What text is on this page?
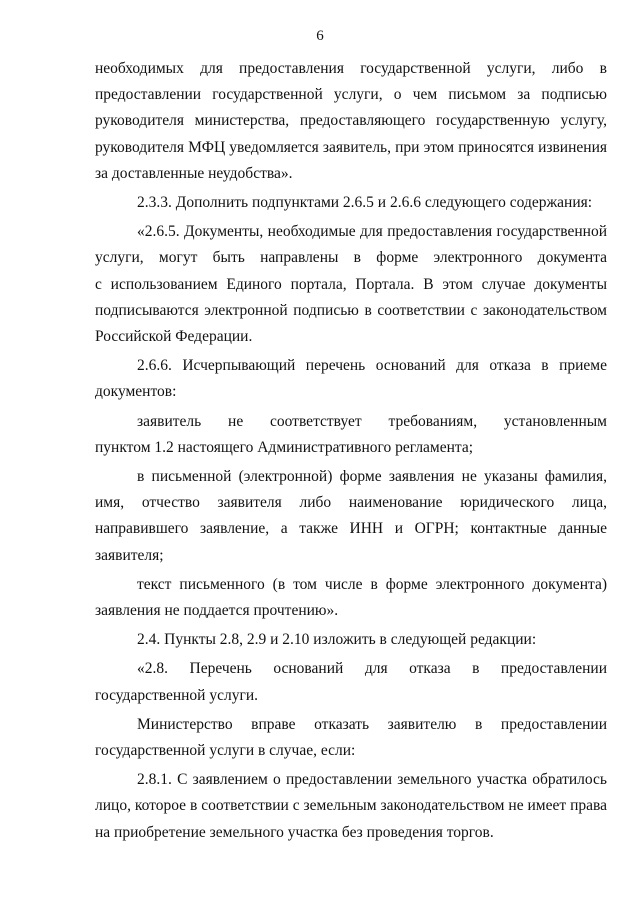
6

необходимых для предоставления государственной услуги, либо в

предоставлении государственной услуги, о чем письмом за подписью

руководителя министерства, предоставляющего государственную услугу,

руководителя МФЦ уведомляется заявитель, при этом приносятся извинения

за доставленные неудобства».

2.3.3. Дополнить подпунктами 2.6.5 и 2.6.6 следующего содержания:

«2.6.5. Документы, необходимые для предоставления государственной

услуги, могут быть направлены в форме электронного документа

с использованием Единого портала, Портала. В этом случае документы

подписываются электронной подписью в соответствии с законодательством

Российской Федерации.

2.6.6. Исчерпывающий перечень оснований для отказа в приеме

документов:

заявитель не соответствует требованиям, установленным

пунктом 1.2 настоящего Административного регламента;

в письменной (электронной) форме заявления не указаны фамилия,

имя, отчество заявителя либо наименование юридического лица,

направившего заявление, а также ИНН и ОГРН; контактные данные

заявителя;

текст письменного (в том числе в форме электронного документа)

заявления не поддается прочтению».

2.4. Пункты 2.8, 2.9 и 2.10 изложить в следующей редакции:

«2.8. Перечень оснований для отказа в предоставлении

государственной услуги.

Министерство вправе отказать заявителю в предоставлении

государственной услуги в случае, если:

2.8.1. С заявлением о предоставлении земельного участка обратилось

лицо, которое в соответствии с земельным законодательством не имеет права

на приобретение земельного участка без проведения торгов.
